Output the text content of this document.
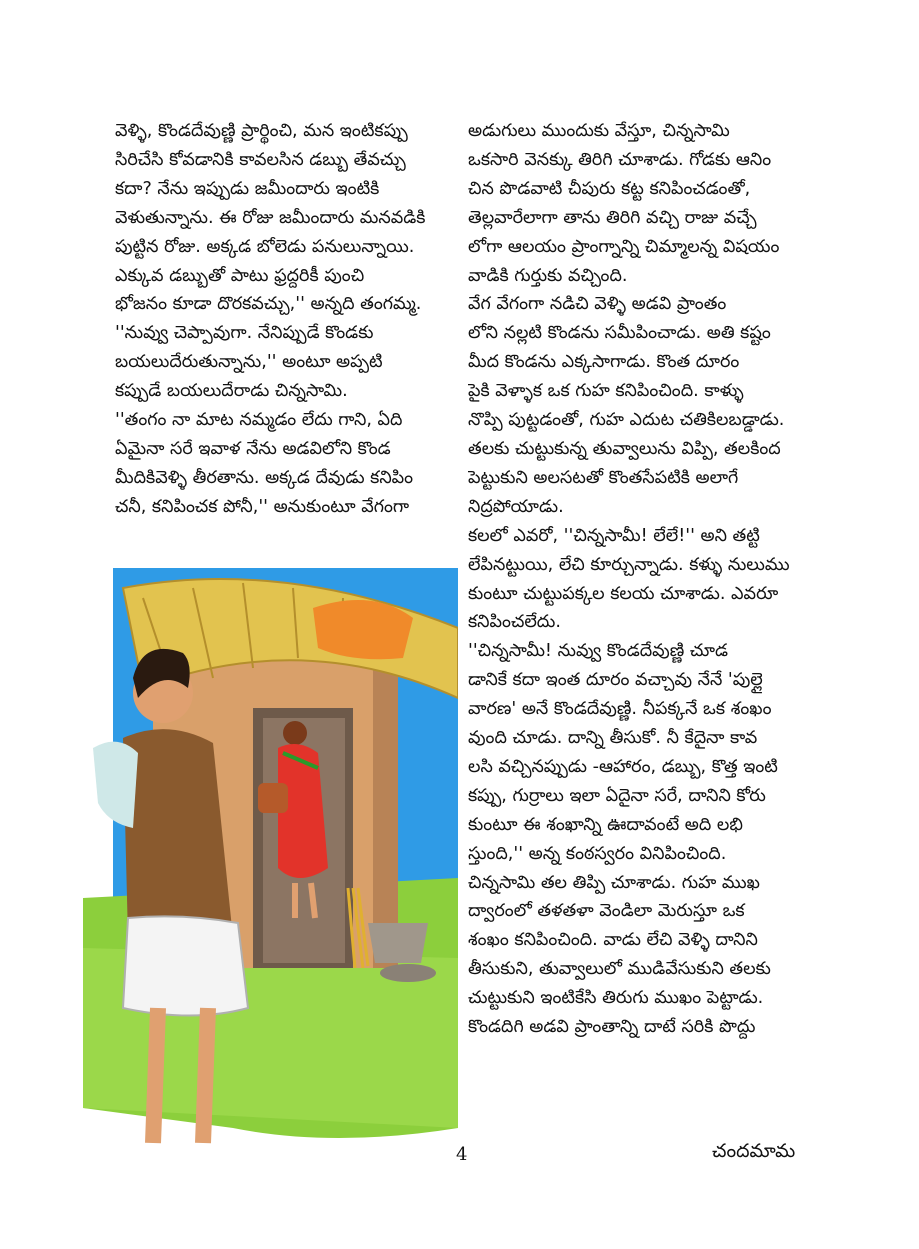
వెళ్ళి, కొండదేవుణ్ణి ప్రార్థించి, మన ఇంటికప్పు
సిరిచేసి కోవడానికి కావలసిన డబ్బు తేవచ్చు
కదా? నేను ఇప్పుడు జమీందారు ఇంటికి
వెళుతున్నాను. ఈ రోజు జమీందారు మనవడికి
పుట్టిన రోజు. అక్కడ బోలెడు పనులున్నాయి.
ఎక్కువ డబ్బుతో పాటు ఫ్రద్దరికీ పుంచి
భోజనం కూడా దొరకవచ్చు,'' అన్నది తంగమ్మ.
''నువ్వు చెప్పావుగా. నేనిప్పుడే కొండకు
బయలుదేరుతున్నాను,'' అంటూ అప్పటి
కప్పుడే బయలుదేరాడు చిన్నసామి.
''తంగం నా మాట నమ్మడం లేదు గాని, ఏది
ఏమైనా సరే ఇవాళ నేను అడవిలోని కొండ
మీదికివెళ్ళి తీరతాను. అక్కడ దేవుడు కనిపిం
చనీ, కనిపించక పోనీ,'' అనుకుంటూ వేగంగా
అడుగులు ముందుకు వేస్తూ, చిన్నసామి
ఒకసారి వెనక్కు తిరిగి చూశాడు. గోడకు ఆనిం
చిన పొడవాటి చీపురు కట్ట కనిపించడంతో,
తెల్లవారేలాగా తాను తిరిగి వచ్చి రాజు వచ్చే
లోగా ఆలయం ప్రాంగ్నాన్ని చిమ్మాలన్న విషయం
వాడికి గుర్తుకు వచ్చింది.
వేగ వేగంగా నడిచి వెళ్ళి అడవి ప్రాంతం
లోని నల్లటి కొండను సమీపించాడు. అతి కష్టం
మీద కొండను ఎక్కసాగాడు. కొంత దూరం
పైకి వెళ్ళాక ఒక గుహ కనిపించింది. కాళ్ళు
నొప్పి పుట్టడంతో, గుహ ఎదుట చతికిలబడ్డాడు.
తలకు చుట్టుకున్న తువ్వాలును విప్పి, తలకింద
పెట్టుకుని అలసటతో కొంతసేపటికి అలాగే
నిద్రపోయాడు.
కలలో ఎవరో, ''చిన్నసామీ! లేలే!'' అని తట్టి
లేపినట్టుయి, లేచి కూర్చున్నాడు. కళ్ళు నులుము
కుంటూ చుట్టుపక్కల కలయ చూశాడు. ఎవరూ
కనిపించలేదు.
''చిన్నసామీ! నువ్వు కొండదేవుణ్ణి చూడ
డానికే కదా ఇంత దూరం వచ్చావు నేనే 'పుల్లై
వారణ' అనే కొండదేవుణ్ణి. నీపక్కనే ఒక శంఖం
వుంది చూడు. దాన్ని తీసుకో. నీ కేదైనా కావ
లసి వచ్చినప్పుడు -ఆహారం, డబ్బు, కొత్త ఇంటి
కప్పు, గుర్రాలు ఇలా ఏదైనా సరే, దానిని కోరు
కుంటూ ఈ శంఖాన్ని ఊదావంటే అది లభి
స్తుంది,'' అన్న కంఠస్వరం వినిపించింది.
చిన్నసామి తల తిప్పి చూశాడు. గుహ ముఖ
ద్వారంలో తళతళా వెండిలా మెరుస్తూ ఒక
శంఖం కనిపించింది. వాడు లేచి వెళ్ళి దానిని
తీసుకుని, తువ్వాలులో ముడివేసుకుని తలకు
చుట్టుకుని ఇంటికేసి తిరుగు ముఖం పెట్టాడు.
కొండదిగి అడవి ప్రాంతాన్ని దాటే సరికి పొద్దు
4	చందమామ
